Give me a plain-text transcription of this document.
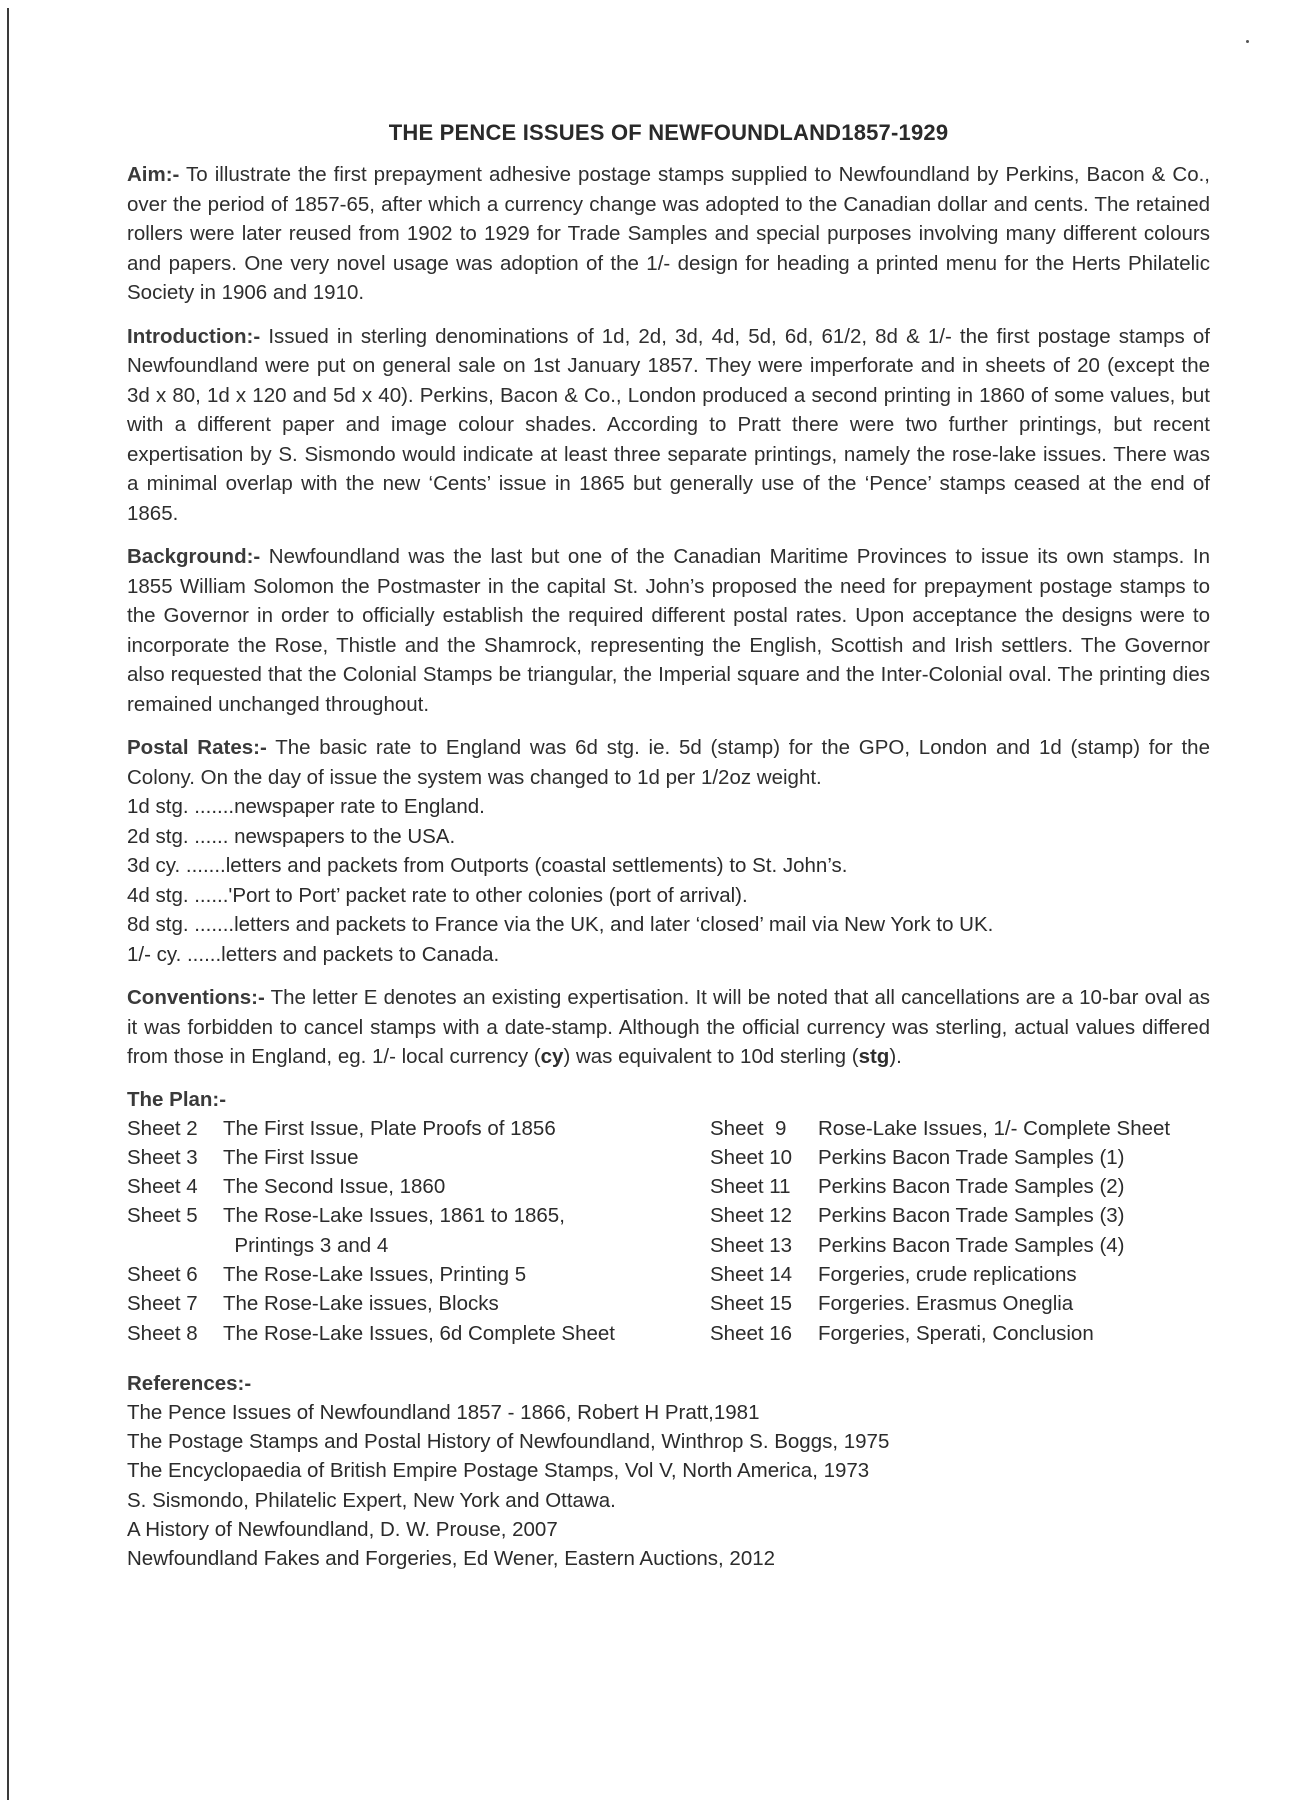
THE PENCE ISSUES OF NEWFOUNDLAND1857-1929

Aim:- To illustrate the first prepayment adhesive postage stamps supplied to Newfoundland by Perkins, Bacon & Co., over the period of 1857-65, after which a currency change was adopted to the Canadian dollar and cents. The retained rollers were later reused from 1902 to 1929 for Trade Samples and special purposes involving many different colours and papers. One very novel usage was adoption of the 1/- design for heading a printed menu for the Herts Philatelic Society in 1906 and 1910.

Introduction:- Issued in sterling denominations of 1d, 2d, 3d, 4d, 5d, 6d, 61/2, 8d & 1/- the first postage stamps of Newfoundland were put on general sale on 1st January 1857. They were imperforate and in sheets of 20 (except the 3d x 80, 1d x 120 and 5d x 40). Perkins, Bacon & Co., London produced a second printing in 1860 of some values, but with a different paper and image colour shades. According to Pratt there were two further printings, but recent expertisation by S. Sismondo would indicate at least three separate printings, namely the rose-lake issues. There was a minimal overlap with the new ‘Cents’ issue in 1865 but generally use of the ‘Pence’ stamps ceased at the end of 1865.

Background:- Newfoundland was the last but one of the Canadian Maritime Provinces to issue its own stamps. In 1855 William Solomon the Postmaster in the capital St. John’s proposed the need for prepayment postage stamps to the Governor in order to officially establish the required different postal rates. Upon acceptance the designs were to incorporate the Rose, Thistle and the Shamrock, representing the English, Scottish and Irish settlers. The Governor also requested that the Colonial Stamps be triangular, the Imperial square and the Inter-Colonial oval. The printing dies remained unchanged throughout.

Postal Rates:- The basic rate to England was 6d stg. ie. 5d (stamp) for the GPO, London and 1d (stamp) for the Colony. On the day of issue the system was changed to 1d per 1/2oz weight.

1d stg. .......newspaper rate to England.
2d stg. ...... newspapers to the USA.
3d cy. .......letters and packets from Outports (coastal settlements) to St. John’s.
4d stg. ......'Port to Port’ packet rate to other colonies (port of arrival).
8d stg. .......letters and packets to France via the UK, and later ‘closed’ mail via New York to UK.
1/- cy. ......letters and packets to Canada.

Conventions:- The letter E denotes an existing expertisation. It will be noted that all cancellations are a 10-bar oval as it was forbidden to cancel stamps with a date-stamp. Although the official currency was sterling, actual values differed from those in England, eg. 1/- local currency (cy) was equivalent to 10d sterling (stg).

The Plan:-
Sheet 2	The First Issue, Plate Proofs of 1856
Sheet 3	The First Issue
Sheet 4	The Second Issue, 1860
Sheet 5	The Rose-Lake Issues, 1861 to 1865,
Printings 3 and 4
Sheet 6	The Rose-Lake Issues, Printing 5
Sheet 7	The Rose-Lake issues, Blocks
Sheet 8	The Rose-Lake Issues, 6d Complete Sheet
Sheet  9	Rose-Lake Issues, 1/- Complete Sheet
Sheet 10	Perkins Bacon Trade Samples (1)
Sheet 11	Perkins Bacon Trade Samples (2)
Sheet 12	Perkins Bacon Trade Samples (3)
Sheet 13	Perkins Bacon Trade Samples (4)
Sheet 14	Forgeries, crude replications
Sheet 15	Forgeries. Erasmus Oneglia
Sheet 16	Forgeries, Sperati, Conclusion
References:-
The Pence Issues of Newfoundland 1857 - 1866, Robert H Pratt,1981
The Postage Stamps and Postal History of Newfoundland, Winthrop S. Boggs, 1975
The Encyclopaedia of British Empire Postage Stamps, Vol V, North America, 1973
S. Sismondo, Philatelic Expert, New York and Ottawa.
A History of Newfoundland, D. W. Prouse, 2007
Newfoundland Fakes and Forgeries, Ed Wener, Eastern Auctions, 2012
